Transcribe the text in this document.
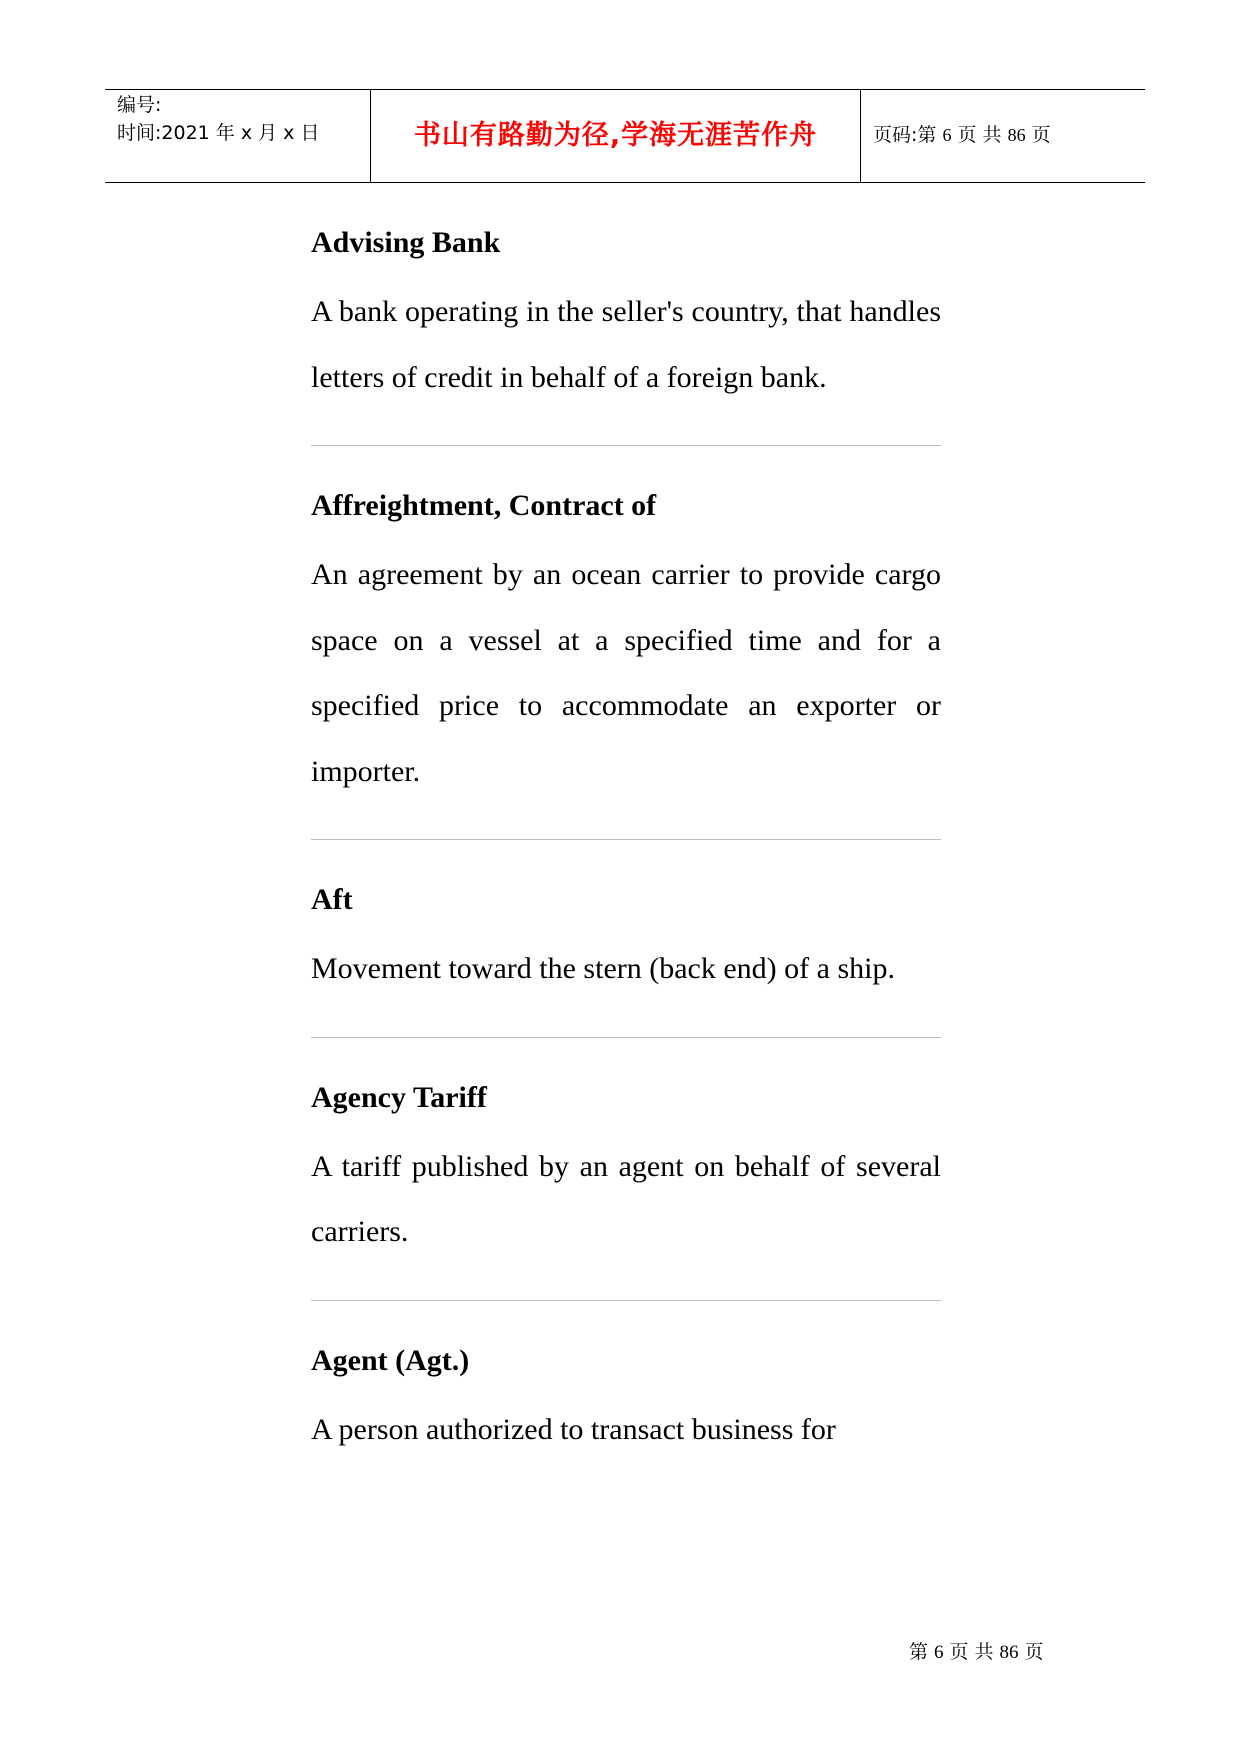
编号:
时间:2021 年 x 月 x 日	书山有路勤为径,学海无涯苦作舟	页码:第 6 页 共 86 页

Advising Bank

A bank operating in the seller's country, that handles letters of credit in behalf of a foreign bank.

Affreightment, Contract of

An agreement by an ocean carrier to provide cargo space on a vessel at a specified time and for a specified price to accommodate an exporter or importer.

Aft

Movement toward the stern (back end) of a ship.

Agency Tariff

A tariff published by an agent on behalf of several carriers.

Agent (Agt.)

A person authorized to transact business for

第 6 页 共 86 页
